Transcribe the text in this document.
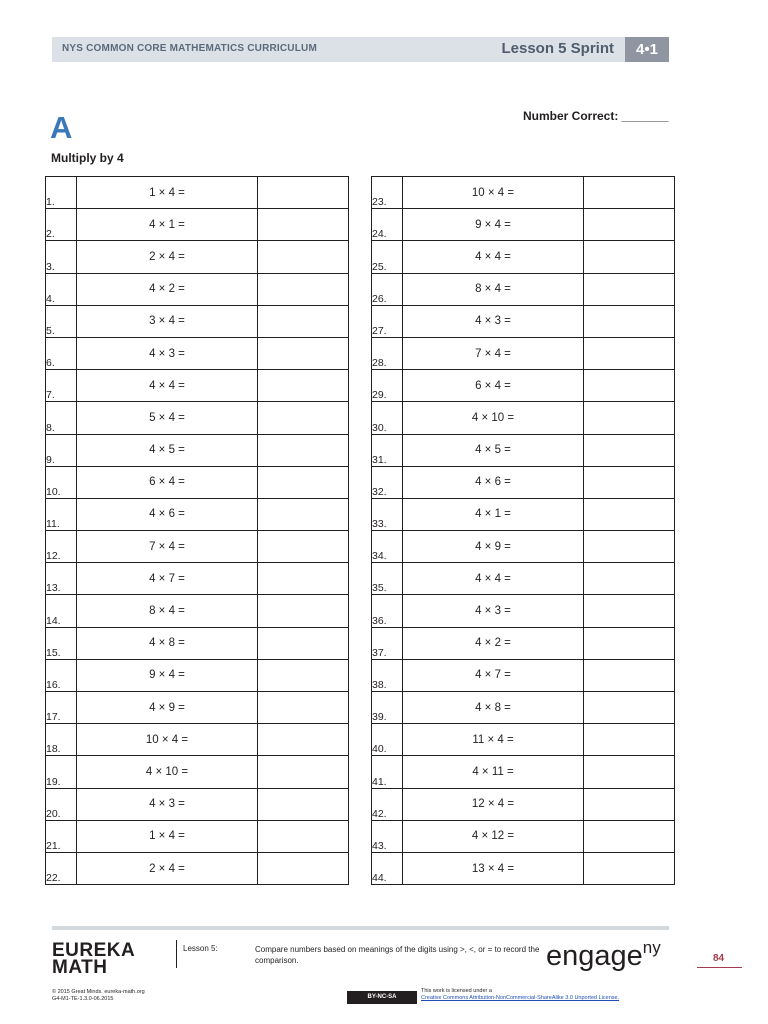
NYS COMMON CORE MATHEMATICS CURRICULUM	Lesson 5 Sprint	4•1
A
Multiply by 4
Number Correct: _______
1.	1 × 4 =	
2.	4 × 1 =	
3.	2 × 4 =	
4.	4 × 2 =	
5.	3 × 4 =	
6.	4 × 3 =	
7.	4 × 4 =	
8.	5 × 4 =	
9.	4 × 5 =	
10.	6 × 4 =	
11.	4 × 6 =	
12.	7 × 4 =	
13.	4 × 7 =	
14.	8 × 4 =	
15.	4 × 8 =	
16.	9 × 4 =	
17.	4 × 9 =	
18.	10 × 4 =	
19.	4 × 10 =	
20.	4 × 3 =	
21.	1 × 4 =	
22.	2 × 4 =	
23.	10 × 4 =	
24.	9 × 4 =	
25.	4 × 4 =	
26.	8 × 4 =	
27.	4 × 3 =	
28.	7 × 4 =	
29.	6 × 4 =	
30.	4 × 10 =	
31.	4 × 5 =	
32.	4 × 6 =	
33.	4 × 1 =	
34.	4 × 9 =	
35.	4 × 4 =	
36.	4 × 3 =	
37.	4 × 2 =	
38.	4 × 7 =	
39.	4 × 8 =	
40.	11 × 4 =	
41.	4 × 11 =	
42.	12 × 4 =	
43.	4 × 12 =	
44.	13 × 4 =	
EUREKA
MATH
Lesson 5:	Compare numbers based on meanings of the digits using >, <, or = to record the comparison.	engage$^{ny}$
84
© 2015 Great Minds. eureka-math.org
G4-M1-TE-1.3.0-06.2015	BY-NC-SA
This work is licensed under a
Creative Commons Attribution-NonCommercial-ShareAlike 3.0 Unported License.
